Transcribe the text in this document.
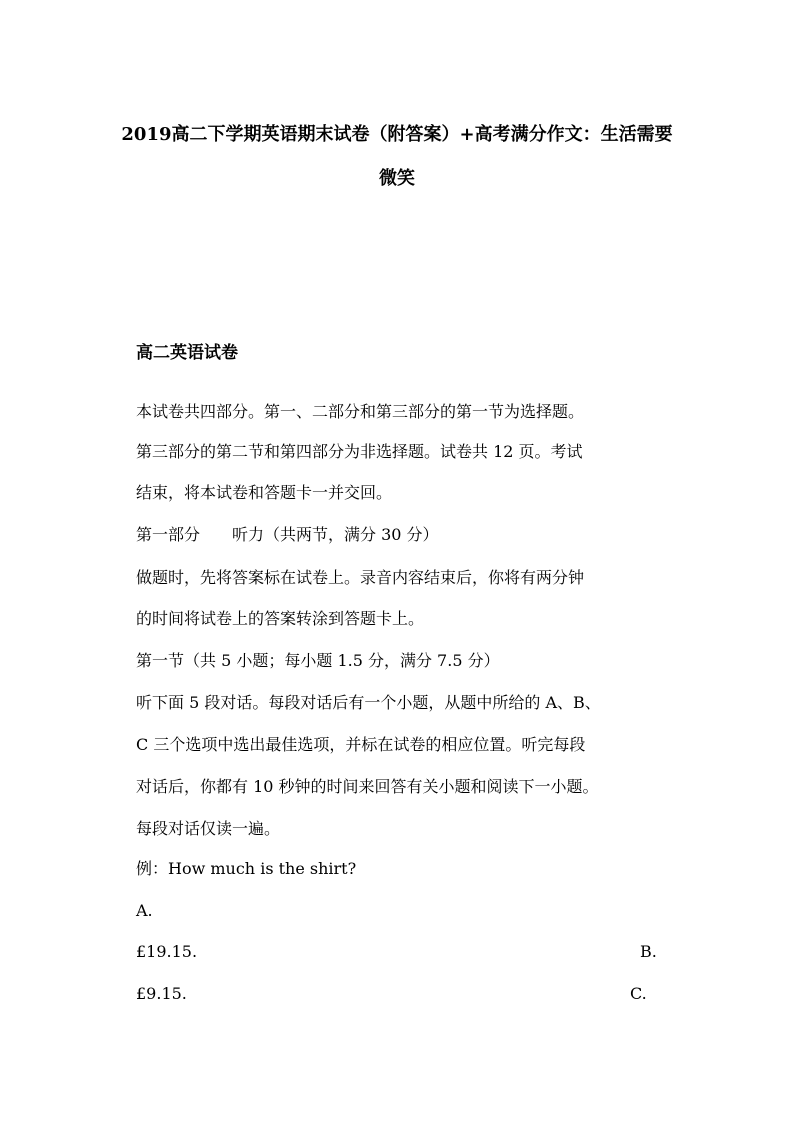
2019高二下学期英语期末试卷（附答案）+高考满分作文：生活需要
微笑
高二英语试卷
本试卷共四部分。第一、二部分和第三部分的第一节为选择题。
第三部分的第二节和第四部分为非选择题。试卷共 12 页。考试
结束，将本试卷和答题卡一并交回。
第一部分　　听力（共两节，满分 30 分）
做题时，先将答案标在试卷上。录音内容结束后，你将有两分钟
的时间将试卷上的答案转涂到答题卡上。
第一节（共 5 小题；每小题 1.5 分，满分 7.5 分）
听下面 5 段对话。每段对话后有一个小题，从题中所给的 A、B、
C 三个选项中选出最佳选项，并标在试卷的相应位置。听完每段
对话后，你都有 10 秒钟的时间来回答有关小题和阅读下一小题。
每段对话仅读一遍。
例：How much is the shirt?
A.
£19.15.	B.
£9.15.	C.
